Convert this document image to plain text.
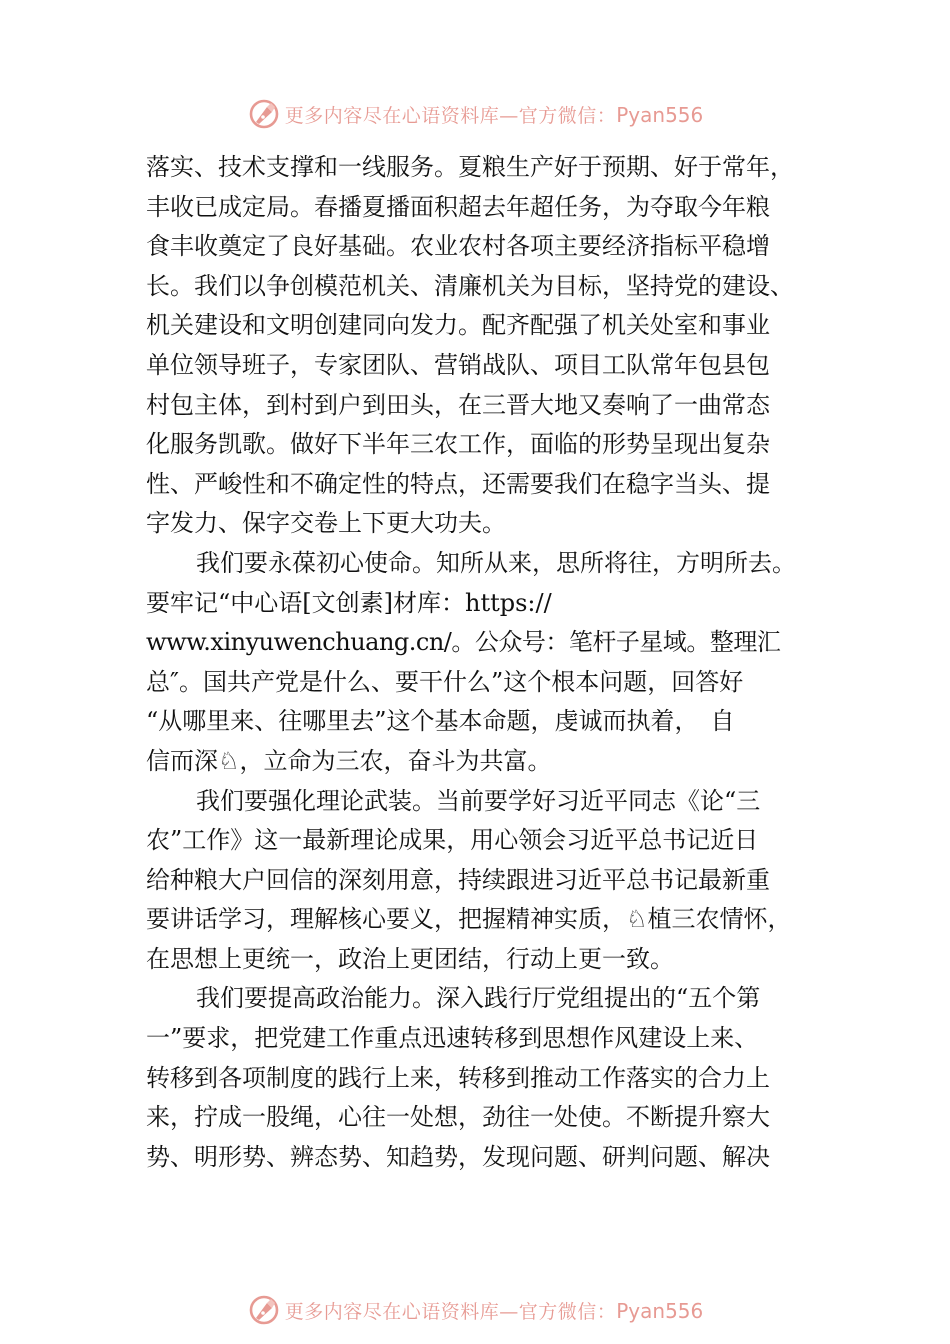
更多内容尽在心语资料库—官方微信：Pyan556
落实、技术支撑和一线服务。夏粮生产好于预期、好于常年，
丰收已成定局。春播夏播面积超去年超任务，为夺取今年粮
食丰收奠定了良好基础。农业农村各项主要经济指标平稳增
长。我们以争创模范机关、清廉机关为目标，坚持党的建设、
机关建设和文明创建同向发力。配齐配强了机关处室和事业
单位领导班子，专家团队、营销战队、项目工队常年包县包
村包主体，到村到户到田头，在三晋大地又奏响了一曲常态
化服务凯歌。做好下半年三农工作，面临的形势呈现出复杂
性、严峻性和不确定性的特点，还需要我们在稳字当头、提
字发力、保字交卷上下更大功夫。
我们要永葆初心使命。知所从来，思所将往，方明所去。
要牢记“中心语[文创素]材库：https://
www.xinyuwenchuang.cn/。公众号：笔杆子星域。整理汇
总″。国共产党是什么、要干什么”这个根本问题，回答好
“从哪里来、往哪里去”这个基本命题，虔诚而执着，　自
信而深♘，立命为三农，奋斗为共富。
我们要强化理论武装。当前要学好习近平同志《论“三
农”工作》这一最新理论成果，用心领会习近平总书记近日
给种粮大户回信的深刻用意，持续跟进习近平总书记最新重
要讲话学习，理解核心要义，把握精神实质，♘植三农情怀，
在思想上更统一，政治上更团结，行动上更一致。
我们要提高政治能力。深入践行厅党组提出的“五个第
一”要求，把党建工作重点迅速转移到思想作风建设上来、
转移到各项制度的践行上来，转移到推动工作落实的合力上
来，拧成一股绳，心往一处想，劲往一处使。不断提升察大
势、明形势、辨态势、知趋势，发现问题、研判问题、解决
更多内容尽在心语资料库—官方微信：Pyan556
